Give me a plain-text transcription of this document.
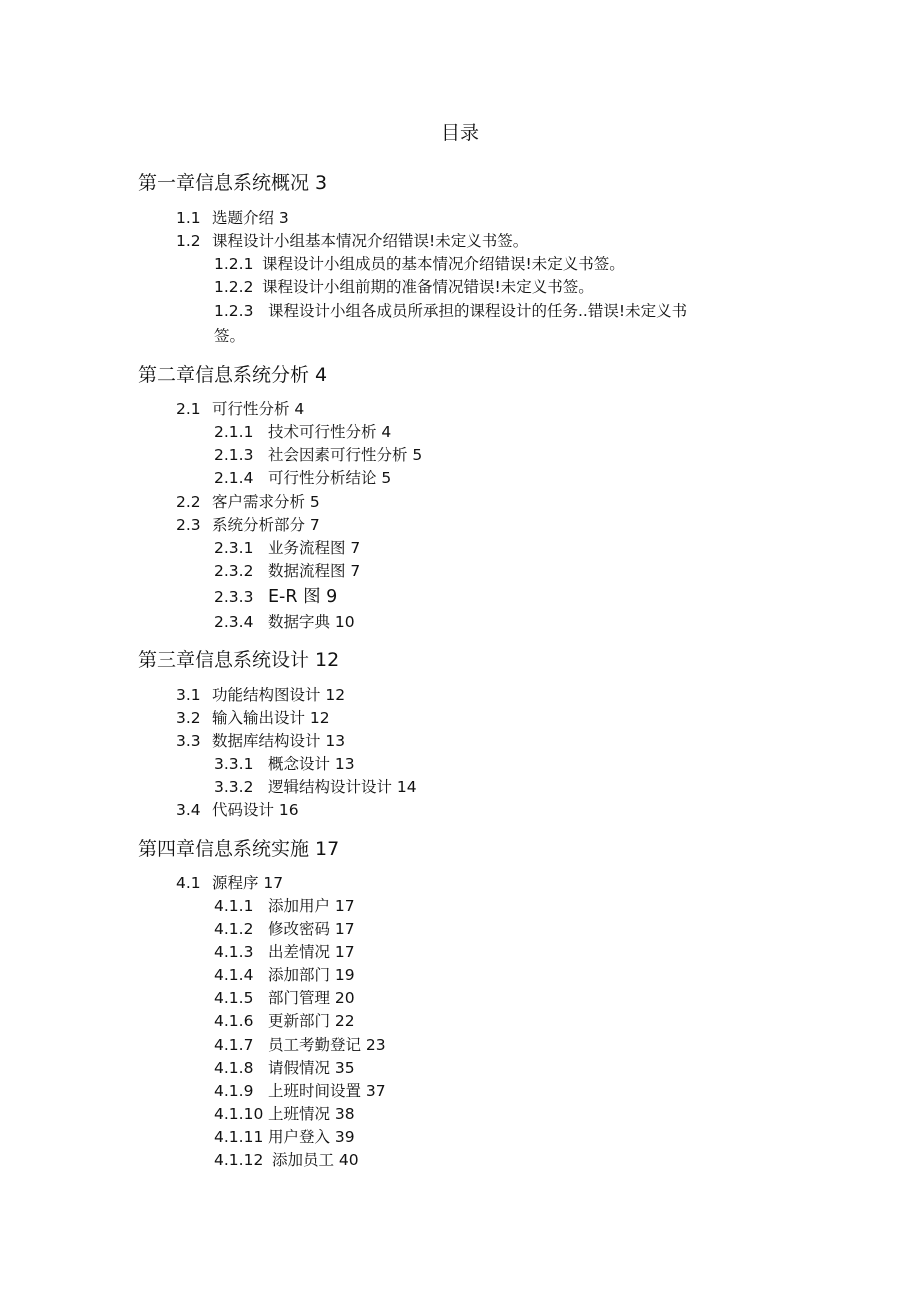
目录
第一章信息系统概况 3
1.1 选题介绍 3
1.2 课程设计小组基本情况介绍错误!未定义书签。
1.2.1 课程设计小组成员的基本情况介绍错误!未定义书签。
1.2.2 课程设计小组前期的准备情况错误!未定义书签。
1.2.3 课程设计小组各成员所承担的课程设计的任务..错误!未定义书
签。
第二章信息系统分析 4
2.1 可行性分析 4
2.1.1 技术可行性分析 4
2.1.3 社会因素可行性分析 5
2.1.4 可行性分析结论 5
2.2 客户需求分析 5
2.3 系统分析部分 7
2.3.1 业务流程图 7
2.3.2 数据流程图 7
2.3.3 E-R 图 9
2.3.4 数据字典 10
第三章信息系统设计 12
3.1 功能结构图设计 12
3.2 输入输出设计 12
3.3 数据库结构设计 13
3.3.1 概念设计 13
3.3.2 逻辑结构设计设计 14
3.4 代码设计 16
第四章信息系统实施 17
4.1 源程序 17
4.1.1 添加用户 17
4.1.2 修改密码 17
4.1.3 出差情况 17
4.1.4 添加部门 19
4.1.5 部门管理 20
4.1.6 更新部门 22
4.1.7 员工考勤登记 23
4.1.8 请假情况 35
4.1.9 上班时间设置 37
4.1.10 上班情况 38
4.1.11 用户登入 39
4.1.12 添加员工 40
